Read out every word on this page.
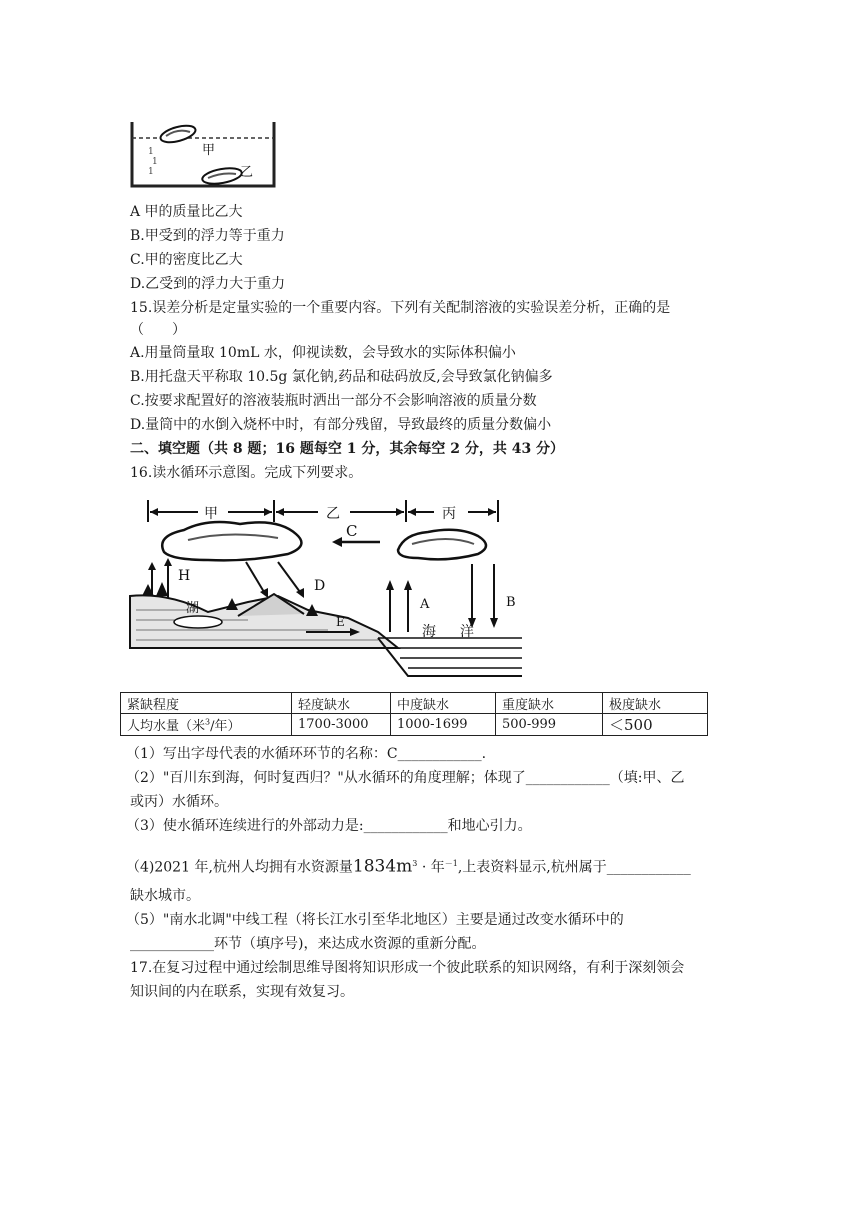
1
1
1
甲
乙
A 甲的质量比乙大
B.甲受到的浮力等于重力
C.甲的密度比乙大
D.乙受到的浮力大于重力
15.误差分析是定量实验的一个重要内容。下列有关配制溶液的实验误差分析，正确的是
（　　）
A.用量筒量取 10mL 水，仰视读数，会导致水的实际体积偏小
B.用托盘天平称取 10.5g 氯化钠,药品和砝码放反,会导致氯化钠偏多
C.按要求配置好的溶液装瓶时洒出一部分不会影响溶液的质量分数
D.量筒中的水倒入烧杯中时，有部分残留，导致最终的质量分数偏小
二、填空题（共 8 题；16 题每空 1 分，其余每空 2 分，共 43 分）
16.读水循环示意图。完成下列要求。
甲	乙	丙
C
H
D
A	B
湖
E
海 洋
紧缺程度	轻度缺水	中度缺水	重度缺水	极度缺水
人均水量（米$^3$/年）	1700-3000	1000-1699	500-999	＜500
（1）写出字母代表的水循环环节的名称：C____________.
（2）"百川东到海，何时复西归？"从水循环的角度理解；体现了____________（填:甲、乙
或丙）水循环。
（3）使水循环连续进行的外部动力是:____________和地心引力。
（4)2021 年,杭州人均拥有水资源量$1834m^3$ · 年$^{-1}$,上表资料显示,杭州属于____________
缺水城市。
（5）"南水北调"中线工程（将长江水引至华北地区）主要是通过改变水循环中的
____________环节（填序号)，来达成水资源的重新分配。
17.在复习过程中通过绘制思维导图将知识形成一个彼此联系的知识网络，有利于深刻领会
知识间的内在联系，实现有效复习。
